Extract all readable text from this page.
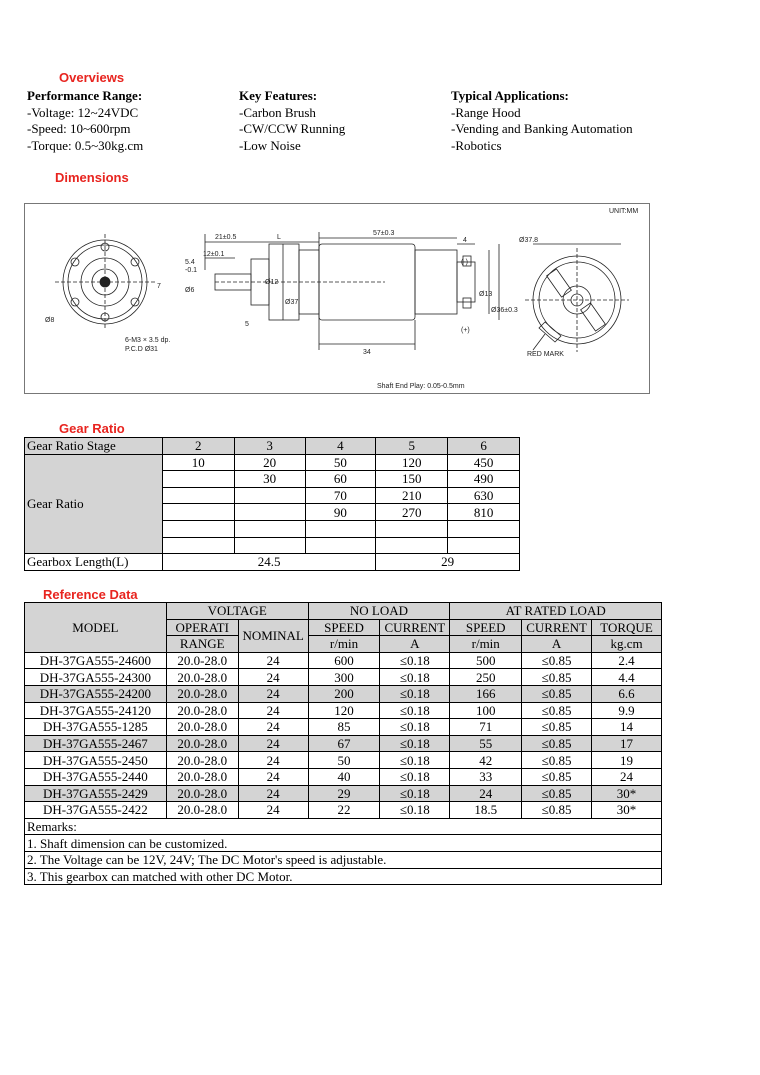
Overviews
Performance Range:
-Voltage: 12~24VDC
-Speed: 10~600rpm
-Torque: 0.5~30kg.cm
Key Features:
-Carbon Brush
-CW/CCW Running
-Low Noise
Typical Applications:
-Range Hood
-Vending and Banking Automation
-Robotics
Dimensions
UNIT:MM
21±0.5	L
57±0.3
4
12±0.1
5.4
-0.1
Ø6
Ø12
Ø37
5
34
Ø13
Ø36±0.3
Ø37.8
7
6-M3 × 3.5 dp.
P.C.D Ø31
Ø8
(-)
(+)
RED MARK
Shaft End Play: 0.05-0.5mm
Gear Ratio
Gear Ratio Stage	2	3	4	5	6
Gear Ratio	10	20	50	120	450
		30	60	150	490
			70	210	630
			90	270	810

Gearbox Length(L)	24.5			29	
Reference Data
MODEL	VOLTAGE		NO LOAD		AT RATED LOAD		
	OPERATI	NOMINAL	SPEED	CURRENT	SPEED	CURRENT	TORQUE
	RANGE		r/min	A	r/min	A	kg.cm
DH-37GA555-24600	20.0-28.0	24	600	≤0.18	500	≤0.85	2.4
DH-37GA555-24300	20.0-28.0	24	300	≤0.18	250	≤0.85	4.4
DH-37GA555-24200	20.0-28.0	24	200	≤0.18	166	≤0.85	6.6
DH-37GA555-24120	20.0-28.0	24	120	≤0.18	100	≤0.85	9.9
DH-37GA555-1285	20.0-28.0	24	85	≤0.18	71	≤0.85	14
DH-37GA555-2467	20.0-28.0	24	67	≤0.18	55	≤0.85	17
DH-37GA555-2450	20.0-28.0	24	50	≤0.18	42	≤0.85	19
DH-37GA555-2440	20.0-28.0	24	40	≤0.18	33	≤0.85	24
DH-37GA555-2429	20.0-28.0	24	29	≤0.18	24	≤0.85	30*
DH-37GA555-2422	20.0-28.0	24	22	≤0.18	18.5	≤0.85	30*
Remarks:							
1. Shaft dimension can be customized.							
2. The Voltage can be 12V, 24V; The DC Motor's speed is adjustable.							
3. This gearbox can matched with other DC Motor.							
